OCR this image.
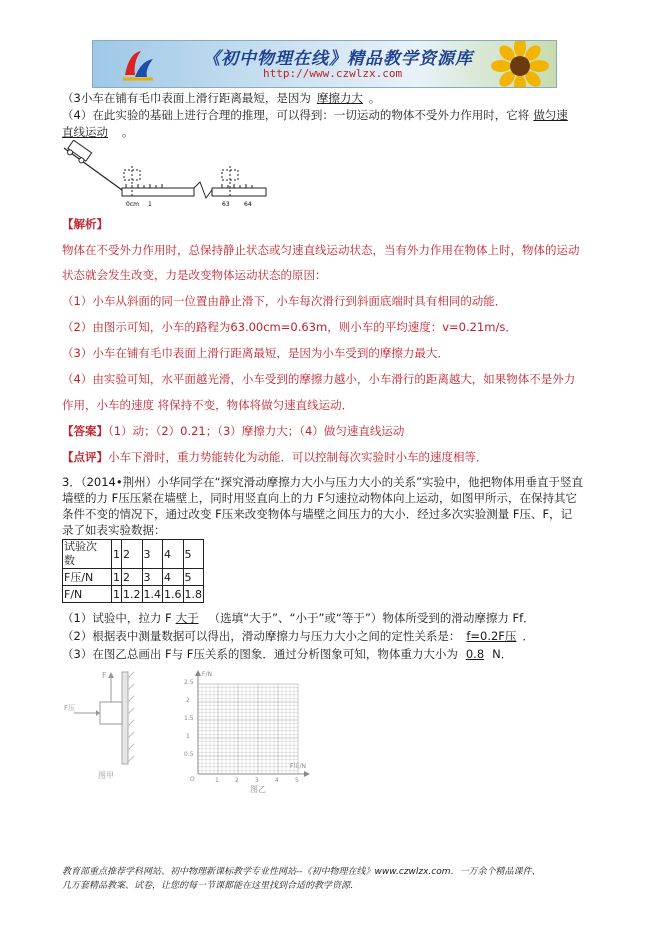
《初中物理在线》精品教学资源库
http://www.czwlzx.com
（3小车在铺有毛巾表面上滑行距离最短，是因为 摩擦力大 。
（4）在此实验的基础上进行合理的推理，可以得到：一切运动的物体不受外力作用时，它将 做匀速
直线运动 。
0cm 1	63 64
【解析】
物体在不受外力作用时，总保持静止状态或匀速直线运动状态，当有外力作用在物体上时，物体的运动
状态就会发生改变，力是改变物体运动状态的原因：
（1）小车从斜面的同一位置由静止滑下，小车每次滑行到斜面底端时具有相同的动能．
（2）由图示可知，小车的路程为63.00cm=0.63m，则小车的平均速度：v=0.21m/s．
（3）小车在铺有毛巾表面上滑行距离最短，是因为小车受到的摩擦力最大．
（4）由实验可知，水平面越光滑，小车受到的摩擦力越小，小车滑行的距离越大，如果物体不是外力
作用，小车的速度 将保持不变，物体将做匀速直线运动．
【答案】（1）动；（2）0.21；（3）摩擦力大；（4）做匀速直线运动
【点评】小车下滑时，重力势能转化为动能．可以控制每次实验时小车的速度相等．
3．（2014•荆州）小华同学在“探究滑动摩擦力大小与压力大小的关系”实验中，他把物体用垂直于竖直
墙壁的力 F压压紧在墙壁上，同时用竖直向上的力 F匀速拉动物体向上运动，如图甲所示，在保持其它
条件不变的情况下，通过改变 F压来改变物体与墙壁之间压力的大小．经过多次实验测量 F压、F，记
录了如表实验数据：
试验次
数	1	2	3	4	5
F压/N	1	2	3	4	5
F/N	1	1.2	1.4	1.6	1.8
（1）试验中，拉力 F 大于 （选填“大于”、“小于”或“等于”）物体所受到的滑动摩擦力 Ff．
（2）根据表中测量数据可以得出，滑动摩擦力与压力大小之间的定性关系是： f=0.2F压 ．
（3）在图乙总画出 F与 F压关系的图象．通过分析图象可知，物体重力大小为 0.8 N．
F
F压
图甲
F/N
F压/N
O
0.5
1
1.5
2
2.5
1	2	3	4	5
图乙
教育部重点推荐学科网站、初中物理新课标教学专业性网站--《初中物理在线》www.czwlzx.com．一万余个精品课件、
几万套精品教案、试卷，让您的每一节课都能在这里找到合适的教学资源．
